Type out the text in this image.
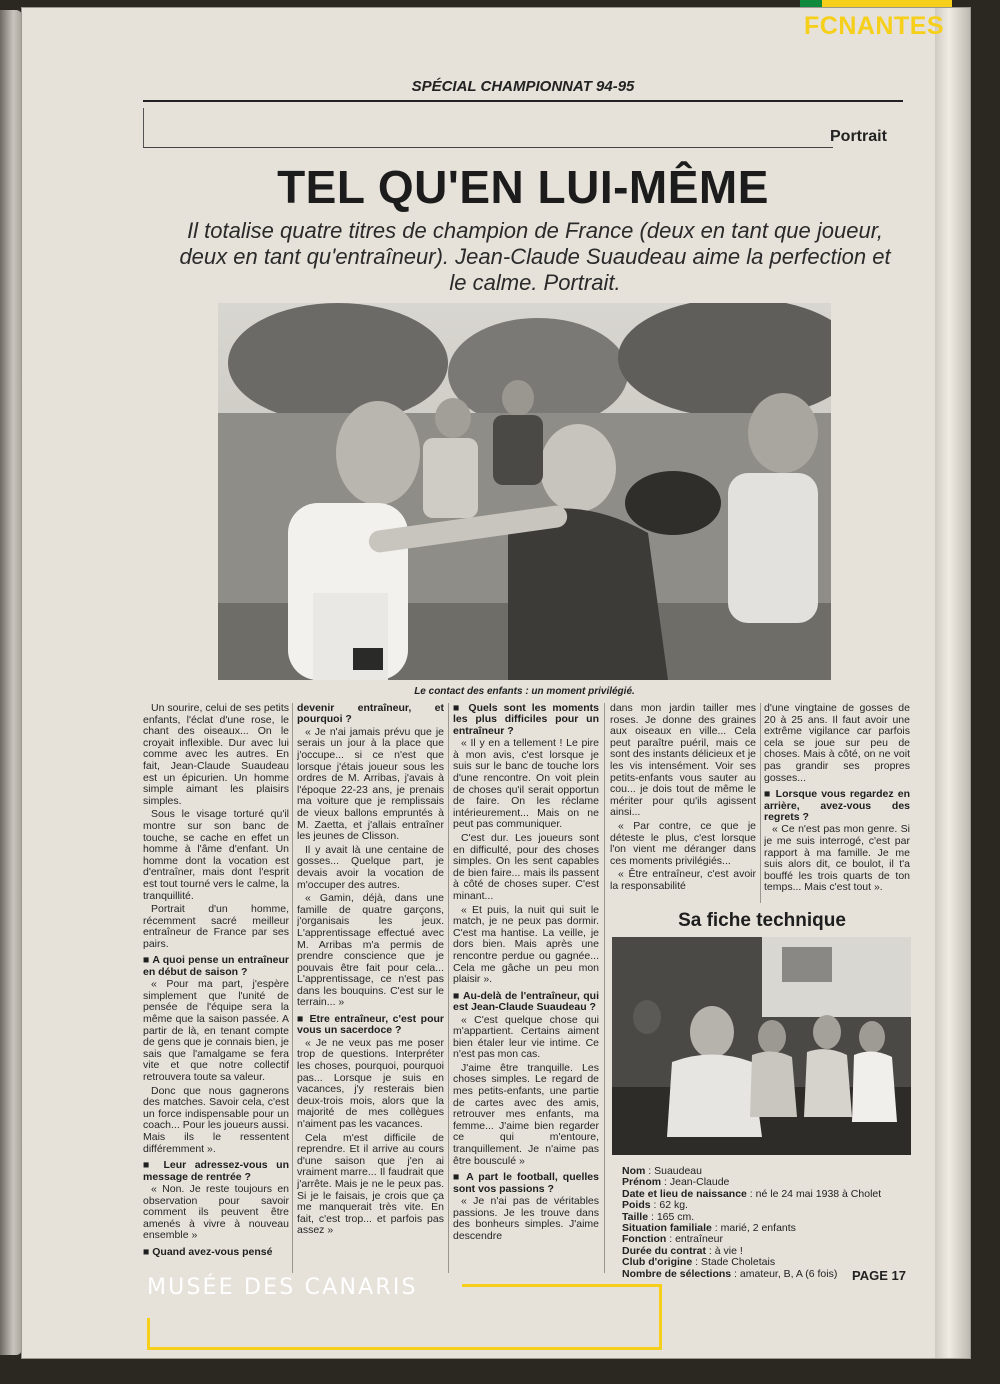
FCNANTES
SPÉCIAL CHAMPIONNAT 94-95
Portrait
TEL QU'EN LUI-MÊME
Il totalise quatre titres de champion de France (deux en tant que joueur, deux en tant qu'entraîneur). Jean-Claude Suaudeau aime la perfection et le calme. Portrait.
Le contact des enfants : un moment privilégié.

Un sourire, celui de ses petits enfants, l'éclat d'une rose, le chant des oiseaux... On le croyait inflexible. Dur avec lui comme avec les autres. En fait, Jean-Claude Suaudeau est un épicurien. Un homme simple aimant les plaisirs simples.

Sous le visage torturé qu'il montre sur son banc de touche, se cache en effet un homme à l'âme d'enfant. Un homme dont la vocation est d'entraîner, mais dont l'esprit est tout tourné vers le calme, la tranquillité.

Portrait d'un homme, récemment sacré meilleur entraîneur de France par ses pairs.

■ A quoi pense un entraîneur en début de saison ?

« Pour ma part, j'espère simplement que l'unité de pensée de l'équipe sera la même que la saison passée. A partir de là, en tenant compte de gens que je connais bien, je sais que l'amalgame se fera vite et que notre collectif retrouvera toute sa valeur.

Donc que nous gagnerons des matches. Savoir cela, c'est un force indispensable pour un coach... Pour les joueurs aussi. Mais ils le ressentent différemment ».

■ Leur adressez-vous un message de rentrée ?

« Non. Je reste toujours en observation pour savoir comment ils peuvent être amenés à vivre à nouveau ensemble »

■ Quand avez-vous pensé
devenir entraîneur, et pourquoi ?

« Je n'ai jamais prévu que je serais un jour à la place que j'occupe... si ce n'est que lorsque j'étais joueur sous les ordres de M. Arribas, j'avais à l'époque 22-23 ans, je prenais ma voiture que je remplissais de vieux ballons empruntés à M. Zaetta, et j'allais entraîner les jeunes de Clisson.

Il y avait là une centaine de gosses... Quelque part, je devais avoir la vocation de m'occuper des autres.

« Gamin, déjà, dans une famille de quatre garçons, j'organisais les jeux. L'apprentissage effectué avec M. Arribas m'a permis de prendre conscience que je pouvais être fait pour cela... L'apprentissage, ce n'est pas dans les bouquins. C'est sur le terrain... »

■ Etre entraîneur, c'est pour vous un sacerdoce ?

« Je ne veux pas me poser trop de questions. Interpréter les choses, pourquoi, pourquoi pas... Lorsque je suis en vacances, j'y resterais bien deux-trois mois, alors que la majorité de mes collègues n'aiment pas les vacances.

Cela m'est difficile de reprendre. Et il arrive au cours d'une saison que j'en ai vraiment marre... Il faudrait que j'arrête. Mais je ne le peux pas. Si je le faisais, je crois que ça me manquerait très vite. En fait, c'est trop... et parfois pas assez »

■ Quels sont les moments les plus difficiles pour un entraîneur ?

« Il y en a tellement ! Le pire à mon avis, c'est lorsque je suis sur le banc de touche lors d'une rencontre. On voit plein de choses qu'il serait opportun de faire. On les réclame intérieurement... Mais on ne peut pas communiquer.

C'est dur. Les joueurs sont en difficulté, pour des choses simples. On les sent capables de bien faire... mais ils passent à côté de choses super. C'est minant...

« Et puis, la nuit qui suit le match, je ne peux pas dormir. C'est ma hantise. La veille, je dors bien. Mais après une rencontre perdue ou gagnée... Cela me gâche un peu mon plaisir ».

■ Au-delà de l'entraîneur, qui est Jean-Claude Suaudeau ?

« C'est quelque chose qui m'appartient. Certains aiment bien étaler leur vie intime. Ce n'est pas mon cas.

J'aime être tranquille. Les choses simples. Le regard de mes petits-enfants, une partie de cartes avec des amis, retrouver mes enfants, ma femme... J'aime bien regarder ce qui m'entoure, tranquillement. Je n'aime pas être bousculé »

■ A part le football, quelles sont vos passions ?

« Je n'ai pas de véritables passions. Je les trouve dans des bonheurs simples. J'aime descendre

dans mon jardin tailler mes roses. Je donne des graines aux oiseaux en ville... Cela peut paraître puéril, mais ce sont des instants délicieux et je les vis intensément. Voir ses petits-enfants vous sauter au cou... je dois tout de même le mériter pour qu'ils agissent ainsi...

« Par contre, ce que je déteste le plus, c'est lorsque l'on vient me déranger dans ces moments privilégiés...

« Être entraîneur, c'est avoir la responsabilité

d'une vingtaine de gosses de 20 à 25 ans. Il faut avoir une extrême vigilance car parfois cela se joue sur peu de choses. Mais à côté, on ne voit pas grandir ses propres gosses...

■ Lorsque vous regardez en arrière, avez-vous des regrets ?

« Ce n'est pas mon genre. Si je me suis interrogé, c'est par rapport à ma famille. Je me suis alors dit, ce boulot, il t'a bouffé les trois quarts de ton temps... Mais c'est tout ».

Sa fiche technique
Nom : Suaudeau
Prénom : Jean-Claude
Date et lieu de naissance : né le 24 mai 1938 à Cholet
Poids : 62 kg.
Taille : 165 cm.
Situation familiale : marié, 2 enfants
Fonction : entraîneur
Durée du contrat : à vie !
Club d'origine : Stade Choletais
Nombre de sélections : amateur, B, A (6 fois)	PAGE 17
MUSÉE DES CANARIS
